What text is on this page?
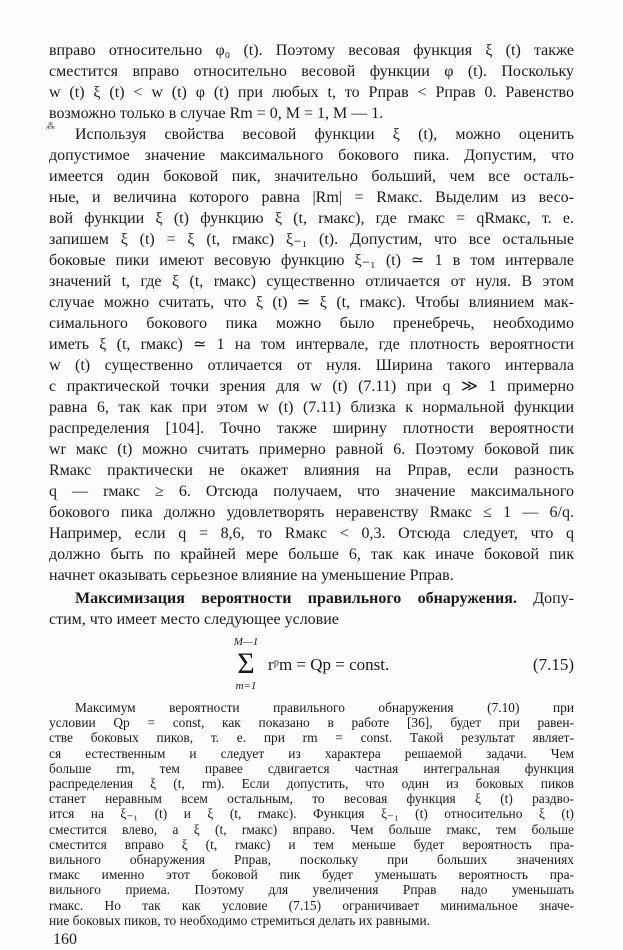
⁂
вправо относительно φ₀ (t). Поэтому весовая функция ξ (t) также
сместится вправо относительно весовой функции φ (t). Поскольку
w (t) ξ (t) < w (t) φ (t) при любых t, то Pправ < Pправ 0. Равенство
возможно только в случае Rm = 0, M = 1, M — 1.
Используя свойства весовой функции ξ (t), можно оценить
допустимое значение максимального бокового пика. Допустим, что
имеется один боковой пик, значительно больший, чем все осталь-
ные, и величина которого равна |Rm| = Rмакс. Выделим из весо-
вой функции ξ (t) функцию ξ (t, rмакс), где rмакс = qRмакс, т. е.
запишем ξ (t) = ξ (t, rмакс) ξ₋₁ (t). Допустим, что все остальные
боковые пики имеют весовую функцию ξ₋₁ (t) ≃ 1 в том интервале
значений t, где ξ (t, rмакс) существенно отличается от нуля. В этом
случае можно считать, что ξ (t) ≃ ξ (t, rмакс). Чтобы влиянием мак-
симального бокового пика можно было пренебречь, необходимо
иметь ξ (t, rмакс) ≃ 1 на том интервале, где плотность вероятности
w (t) существенно отличается от нуля. Ширина такого интервала
с практической точки зрения для w (t) (7.11) при q ≫ 1 примерно
равна 6, так как при этом w (t) (7.11) близка к нормальной функции
распределения [104]. Точно также ширину плотности вероятности
wr макс (t) можно считать примерно равной 6. Поэтому боковой пик
Rмакс практически не окажет влияния на Pправ, если разность
q — rмакс ≥ 6. Отсюда получаем, что значение максимального
бокового пика должно удовлетворять неравенству Rмакс ≤ 1 — 6/q.
Например, если q = 8,6, то Rмакс < 0,3. Отсюда следует, что q
должно быть по крайней мере больше 6, так как иначе боковой пик
начнет оказывать серьезное влияние на уменьшение Pправ.
Максимизация вероятности правильного обнаружения. Допу-
стим, что имеет место следующее условие
M—1
Σ
m=1
rᵖm = Qp = const.	(7.15)
Максимум вероятности правильного обнаружения (7.10) при
условии Qp = const, как показано в работе [36], будет при равен-
стве боковых пиков, т. е. при rm = const. Такой результат являет-
ся естественным и следует из характера решаемой задачи. Чем
больше rm, тем правее сдвигается частная интегральная функция
распределения ξ (t, rm). Если допустить, что один из боковых пиков
станет неравным всем остальным, то весовая функция ξ (t) раздво-
ится на ξ₋₁ (t) и ξ (t, rмакс). Функция ξ₋₁ (t) относительно ξ (t)
сместится влево, а ξ (t, rмакс) вправо. Чем больше rмакс, тем больше
сместится вправо ξ (t, rмакс) и тем меньше будет вероятность пра-
вильного обнаружения Pправ, поскольку при больших значениях
rмакс именно этот боковой пик будет уменьшать вероятность пра-
вильного приема. Поэтому для увеличения Pправ надо уменьшать
rмакс. Но так как условие (7.15) ограничивает минимальное значе-
ние боковых пиков, то необходимо стремиться делать их равными.
160
